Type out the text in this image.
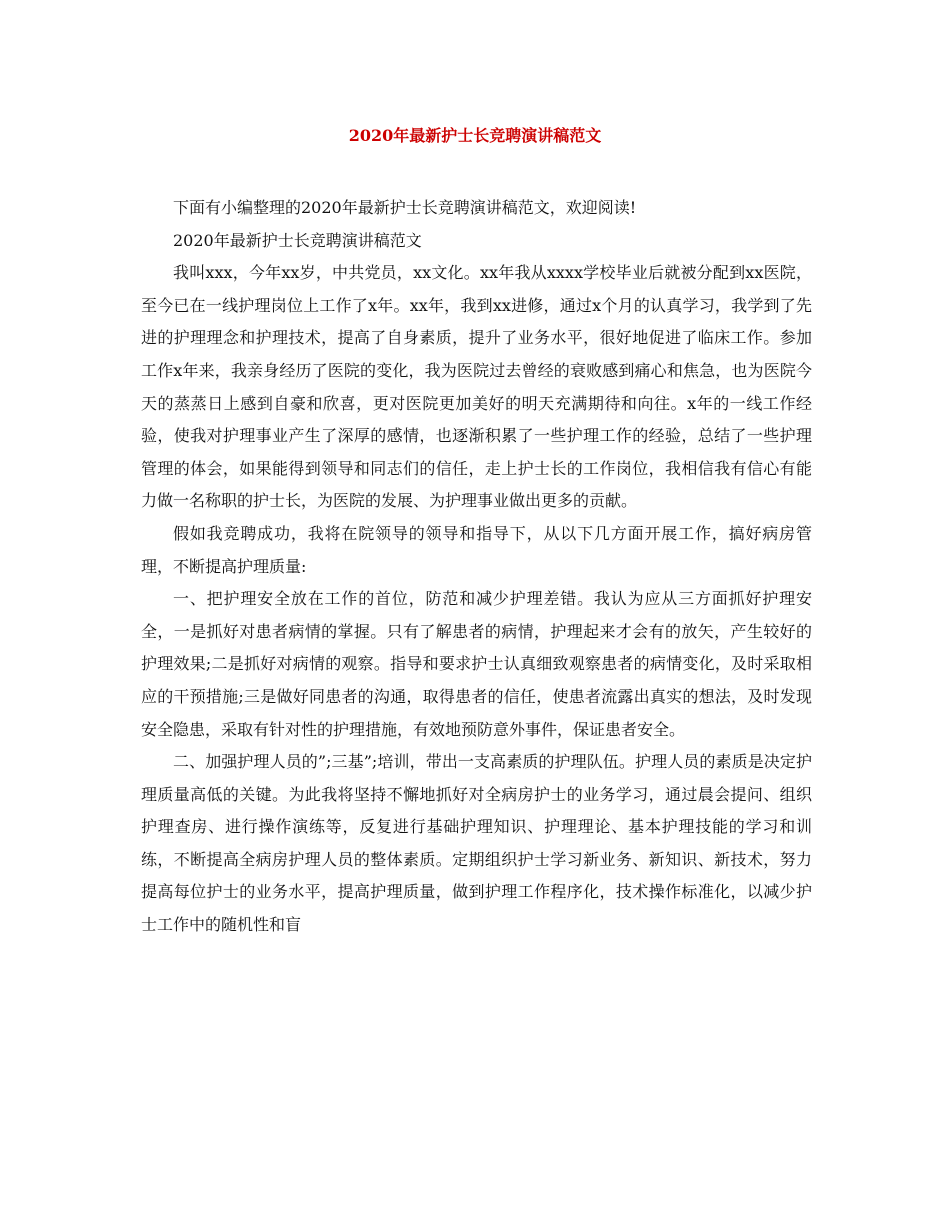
2020年最新护士长竞聘演讲稿范文

下面有小编整理的2020年最新护士长竞聘演讲稿范文，欢迎阅读!

2020年最新护士长竞聘演讲稿范文

我叫xxx，今年xx岁，中共党员，xx文化。xx年我从xxxx学校毕业后就被分配到xx医院，至今已在一线护理岗位上工作了x年。xx年，我到xx进修，通过x个月的认真学习，我学到了先进的护理理念和护理技术，提高了自身素质，提升了业务水平，很好地促进了临床工作。参加工作x年来，我亲身经历了医院的变化，我为医院过去曾经的衰败感到痛心和焦急，也为医院今天的蒸蒸日上感到自豪和欣喜，更对医院更加美好的明天充满期待和向往。x年的一线工作经验，使我对护理事业产生了深厚的感情，也逐渐积累了一些护理工作的经验，总结了一些护理管理的体会，如果能得到领导和同志们的信任，走上护士长的工作岗位，我相信我有信心有能力做一名称职的护士长，为医院的发展、为护理事业做出更多的贡献。

假如我竞聘成功，我将在院领导的领导和指导下，从以下几方面开展工作，搞好病房管理，不断提高护理质量:

一、把护理安全放在工作的首位，防范和减少护理差错。我认为应从三方面抓好护理安全，一是抓好对患者病情的掌握。只有了解患者的病情，护理起来才会有的放矢，产生较好的护理效果;二是抓好对病情的观察。指导和要求护士认真细致观察患者的病情变化，及时采取相应的干预措施;三是做好同患者的沟通，取得患者的信任，使患者流露出真实的想法，及时发现安全隐患，采取有针对性的护理措施，有效地预防意外事件，保证患者安全。

二、加强护理人员的”;三基”;培训，带出一支高素质的护理队伍。护理人员的素质是决定护理质量高低的关键。为此我将坚持不懈地抓好对全病房护士的业务学习，通过晨会提问、组织护理查房、进行操作演练等，反复进行基础护理知识、护理理论、基本护理技能的学习和训练，不断提高全病房护理人员的整体素质。定期组织护士学习新业务、新知识、新技术，努力提高每位护士的业务水平，提高护理质量，做到护理工作程序化，技术操作标准化，以减少护士工作中的随机性和盲
